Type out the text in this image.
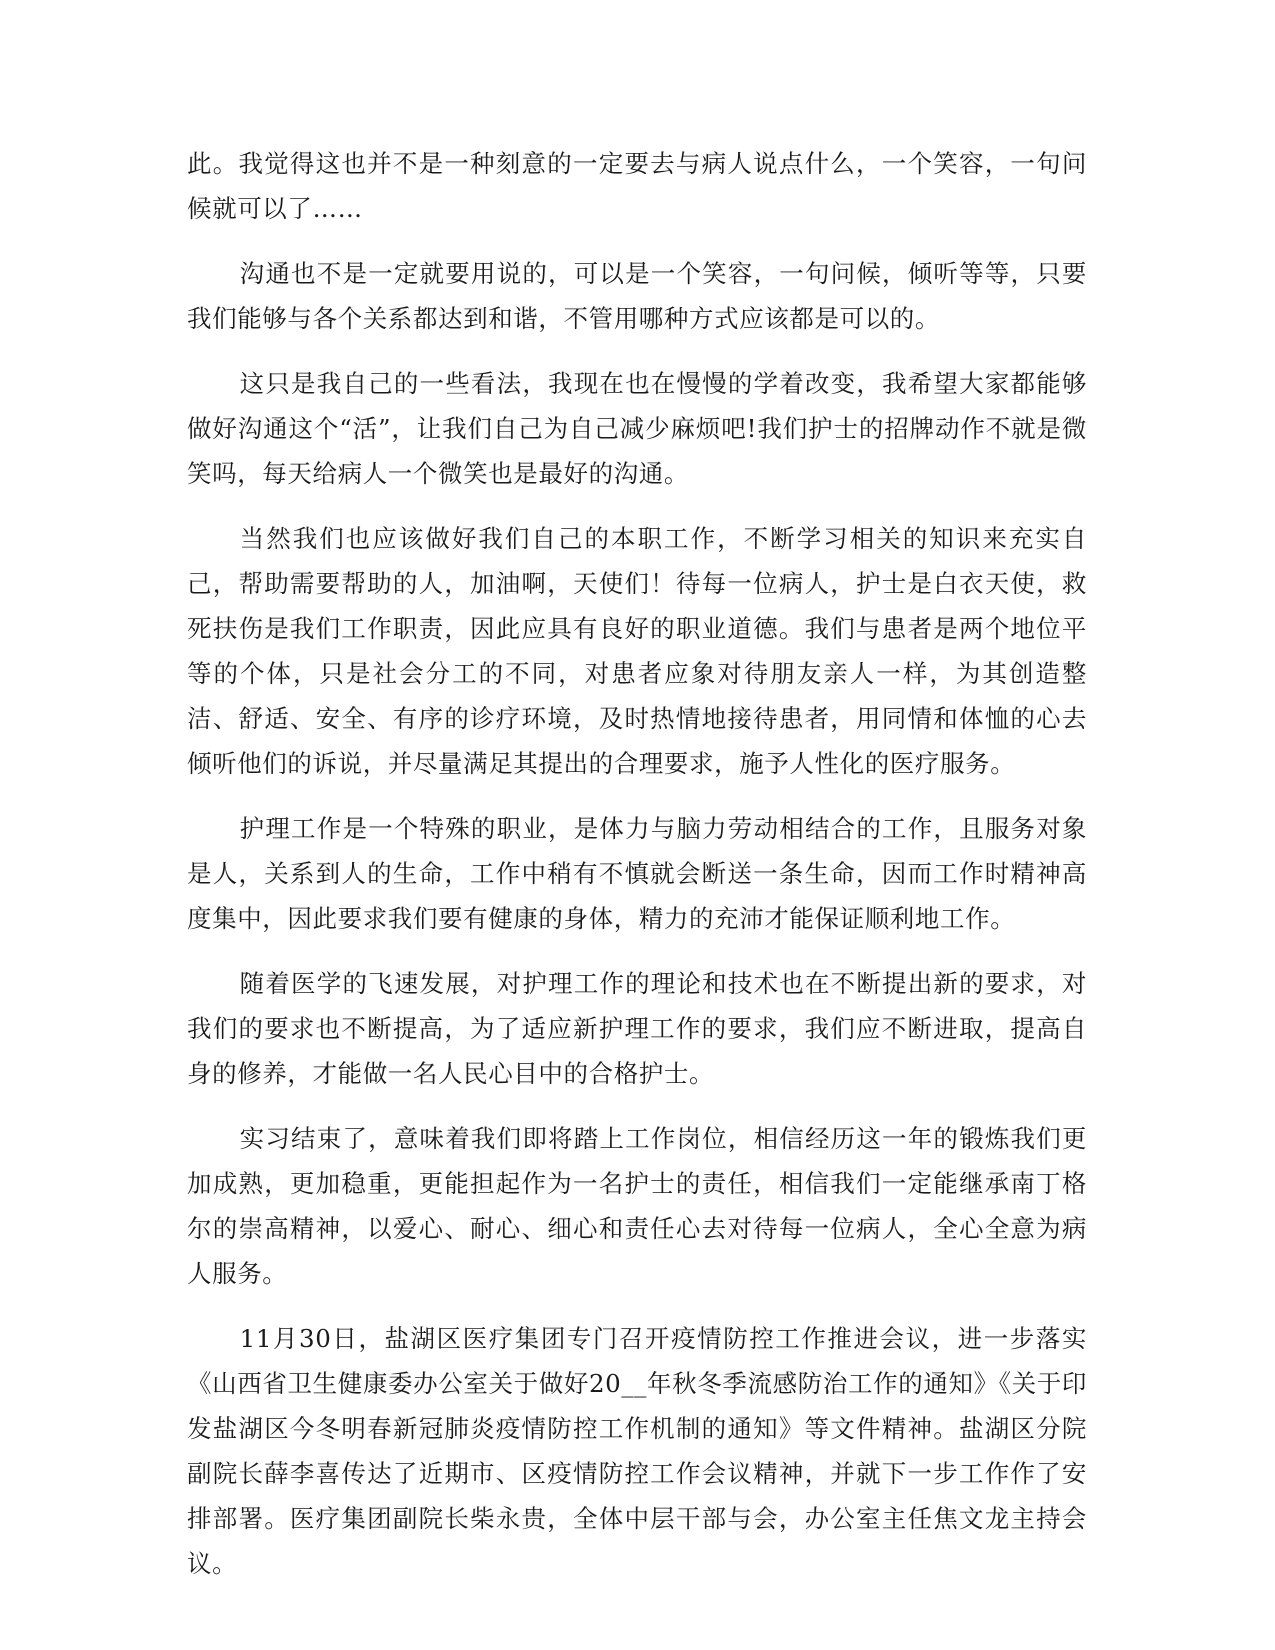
此。我觉得这也并不是一种刻意的一定要去与病人说点什么，一个笑容，一句问候就可以了……

沟通也不是一定就要用说的，可以是一个笑容，一句问候，倾听等等，只要我们能够与各个关系都达到和谐，不管用哪种方式应该都是可以的。

这只是我自己的一些看法，我现在也在慢慢的学着改变，我希望大家都能够做好沟通这个“活”，让我们自己为自己减少麻烦吧!我们护士的招牌动作不就是微笑吗，每天给病人一个微笑也是最好的沟通。

当然我们也应该做好我们自己的本职工作，不断学习相关的知识来充实自己，帮助需要帮助的人，加油啊，天使们！待每一位病人，护士是白衣天使，救死扶伤是我们工作职责，因此应具有良好的职业道德。我们与患者是两个地位平等的个体，只是社会分工的不同，对患者应象对待朋友亲人一样，为其创造整洁、舒适、安全、有序的诊疗环境，及时热情地接待患者，用同情和体恤的心去倾听他们的诉说，并尽量满足其提出的合理要求，施予人性化的医疗服务。

护理工作是一个特殊的职业，是体力与脑力劳动相结合的工作，且服务对象是人，关系到人的生命，工作中稍有不慎就会断送一条生命，因而工作时精神高度集中，因此要求我们要有健康的身体，精力的充沛才能保证顺利地工作。

随着医学的飞速发展，对护理工作的理论和技术也在不断提出新的要求，对我们的要求也不断提高，为了适应新护理工作的要求，我们应不断进取，提高自身的修养，才能做一名人民心目中的合格护士。

实习结束了，意味着我们即将踏上工作岗位，相信经历这一年的锻炼我们更加成熟，更加稳重，更能担起作为一名护士的责任，相信我们一定能继承南丁格尔的崇高精神，以爱心、耐心、细心和责任心去对待每一位病人，全心全意为病人服务。

11月30日，盐湖区医疗集团专门召开疫情防控工作推进会议，进一步落实《山西省卫生健康委办公室关于做好20__年秋冬季流感防治工作的通知》《关于印发盐湖区今冬明春新冠肺炎疫情防控工作机制的通知》等文件精神。盐湖区分院副院长薛李喜传达了近期市、区疫情防控工作会议精神，并就下一步工作作了安排部署。医疗集团副院长柴永贵，全体中层干部与会，办公室主任焦文龙主持会议。
